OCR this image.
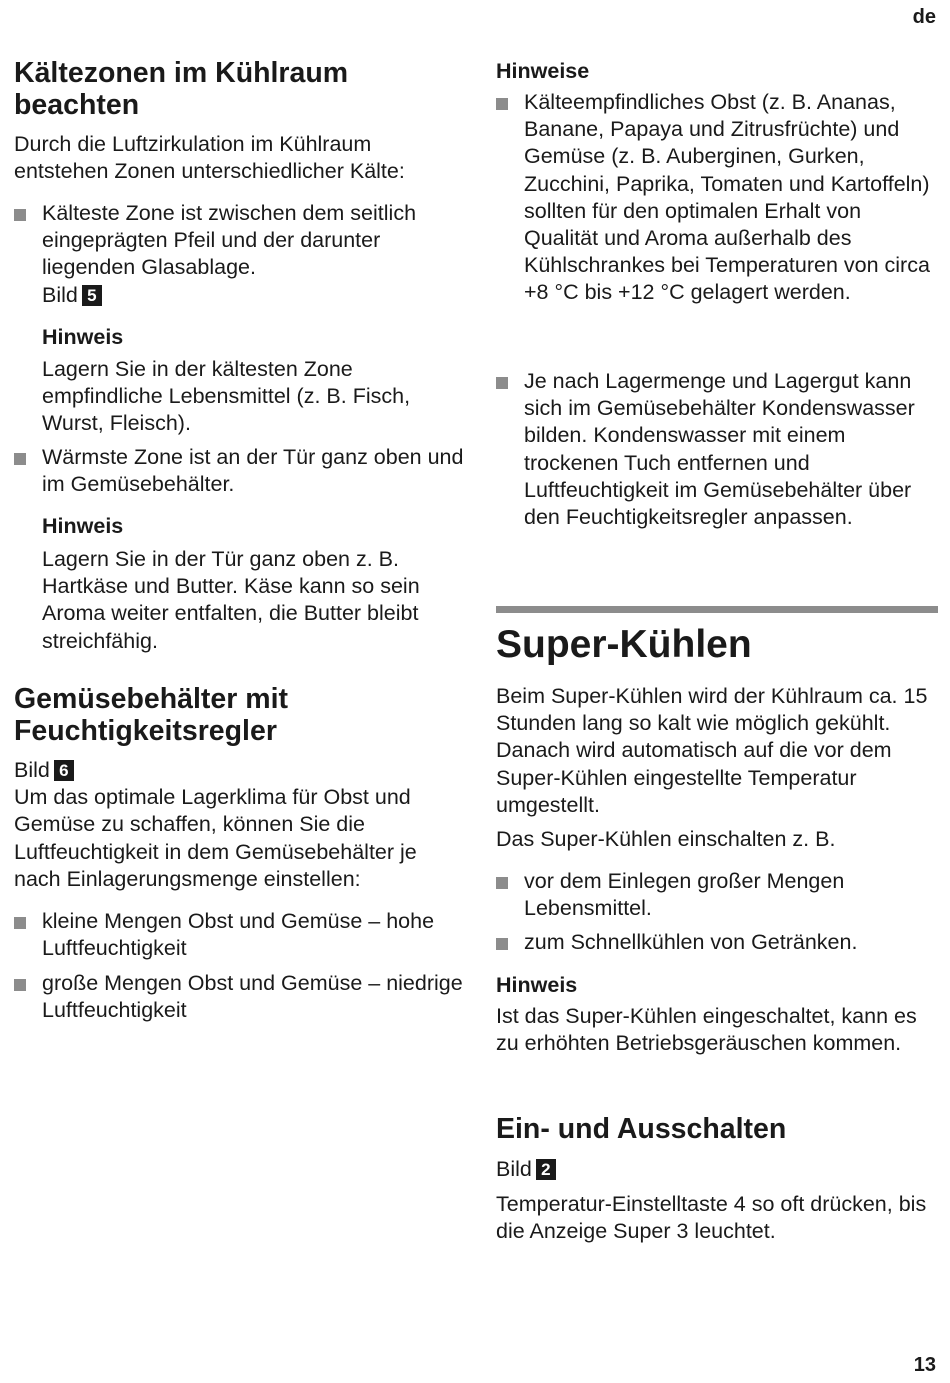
de
Kältezonen im Kühlraum
beachten

Durch die Luftzirkulation im Kühlraum entstehen Zonen unterschiedlicher Kälte:

Kälteste Zone ist zwischen dem seitlich eingeprägten Pfeil und der darunter liegenden Glasablage.
Bild 5
Hinweis

Lagern Sie in der kältesten Zone empfindliche Lebensmittel (z. B. Fisch, Wurst, Fleisch).

Wärmste Zone ist an der Tür ganz oben und im Gemüsebehälter.
Hinweis

Lagern Sie in der Tür ganz oben z. B. Hartkäse und Butter. Käse kann so sein Aroma weiter entfalten, die Butter bleibt streichfähig.

Gemüsebehälter mit
Feuchtigkeitsregler

Bild 6
Um das optimale Lagerklima für Obst und Gemüse zu schaffen, können Sie die Luftfeuchtigkeit in dem Gemüsebehälter je nach Einlagerungsmenge einstellen:

kleine Mengen Obst und Gemüse – hohe Luftfeuchtigkeit
große Mengen Obst und Gemüse – niedrige Luftfeuchtigkeit
Hinweise
Kälteempfindliches Obst (z. B. Ananas, Banane, Papaya und Zitrusfrüchte) und Gemüse (z. B. Auberginen, Gurken, Zucchini, Paprika, Tomaten und Kartoffeln) sollten für den optimalen Erhalt von Qualität und Aroma außerhalb des Kühlschrankes bei Temperaturen von circa +8 °C bis +12 °C gelagert werden.
Je nach Lagermenge und Lagergut kann sich im Gemüsebehälter Kondenswasser bilden. Kondenswasser mit einem trockenen Tuch entfernen und Luftfeuchtigkeit im Gemüsebehälter über den Feuchtigkeitsregler anpassen.
Super-Kühlen

Beim Super-Kühlen wird der Kühlraum ca. 15 Stunden lang so kalt wie möglich gekühlt. Danach wird automatisch auf die vor dem Super-Kühlen eingestellte Temperatur umgestellt.

Das Super-Kühlen einschalten z. B.

vor dem Einlegen großer Mengen Lebensmittel.
zum Schnellkühlen von Getränken.
Hinweis

Ist das Super-Kühlen eingeschaltet, kann es zu erhöhten Betriebsgeräuschen kommen.

Ein- und Ausschalten

Bild 2

Temperatur-Einstelltaste 4 so oft drücken, bis die Anzeige Super 3 leuchtet.

13
